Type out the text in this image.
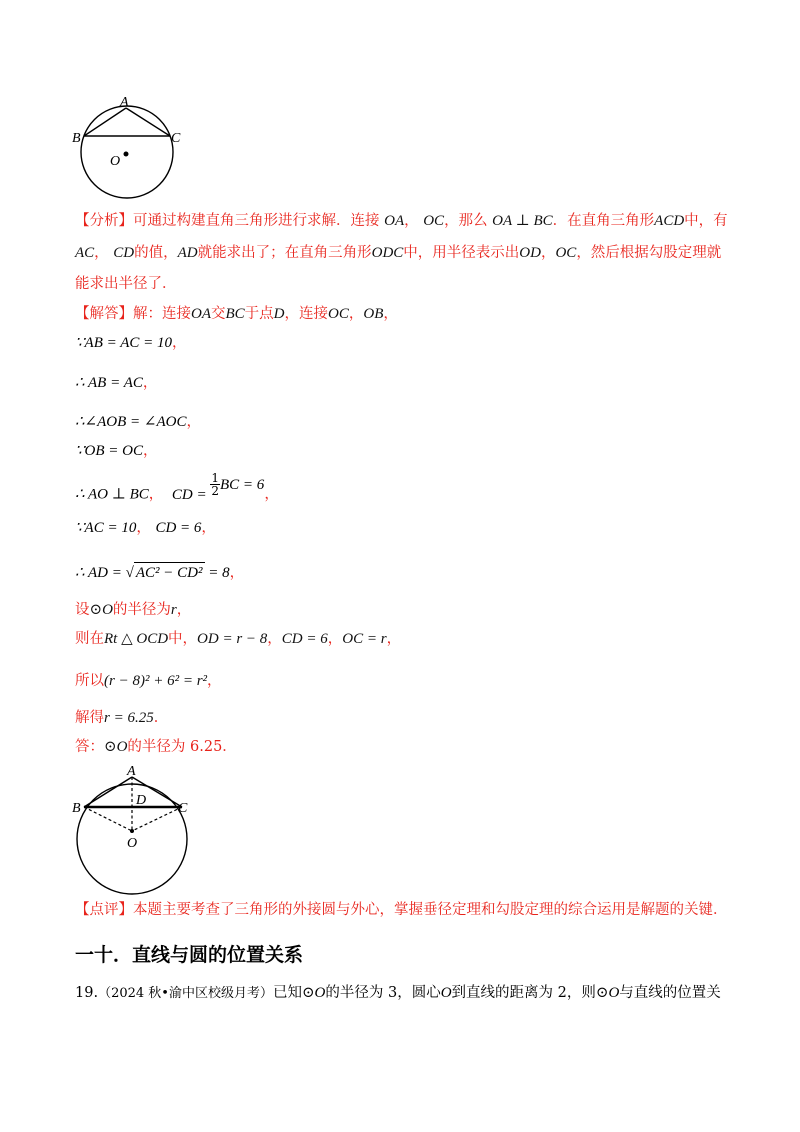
A
B	C
O
【分析】可通过构建直角三角形进行求解．连接 OA， OC，那么 OA ⊥ BC．在直角三角形ACD中，有
AC， CD的值，AD就能求出了；在直角三角形ODC中，用半径表示出OD，OC，然后根据勾股定理就
能求出半径了．
【解答】解：连接OA交BC于点D，连接OC，OB，
∵AB = AC = 10，
∴ AB = AC，
∴∠AOB = ∠AOC，
∵OB = OC，
∴ AO ⊥ BC， CD = $\frac{1}{2}$ BC = 6，
∵AC = 10， CD = 6，
∴ AD = √ AC² − CD² = 8，
设⊙O的半径为r，
则在Rt △ OCD中，OD = r − 8，CD = 6，OC = r，
所以(r − 8)² + 6² = r²，
解得r = 6.25．
答：⊙O的半径为 6.25．
A
B	C
D
O
【点评】本题主要考查了三角形的外接圆与外心，掌握垂径定理和勾股定理的综合运用是解题的关键．
一十．直线与圆的位置关系
19.（2024 秋•渝中区校级月考）已知⊙O的半径为 3，圆心O到直线的距离为 2，则⊙O与直线的位置关
